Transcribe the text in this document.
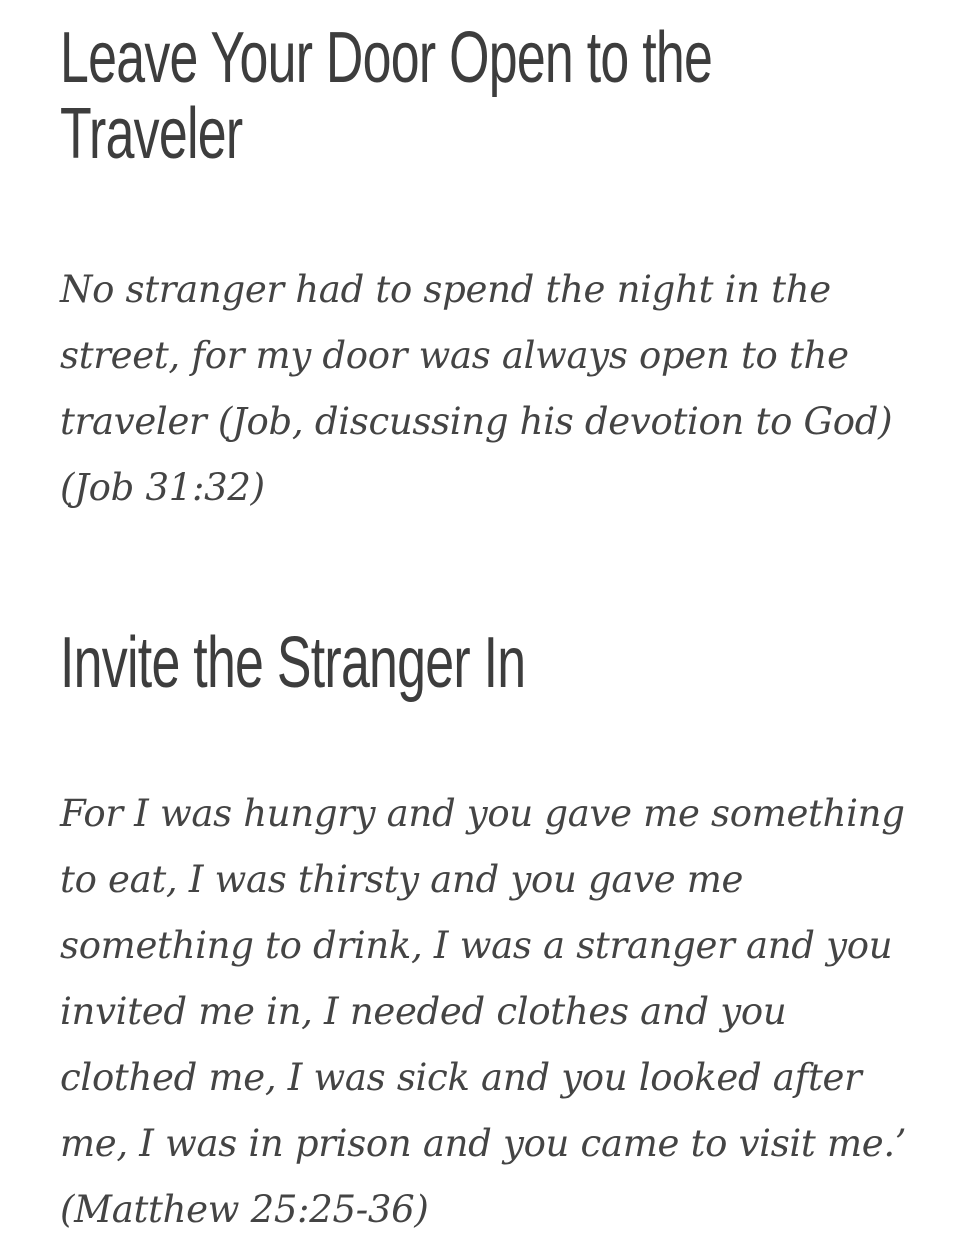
Leave Your Door Open to the
Traveler

No stranger had to spend the night in the
street, for my door was always open to the
traveler (Job, discussing his devotion to God)
(Job 31:32)

Invite the Stranger In

For I was hungry and you gave me something
to eat, I was thirsty and you gave me
something to drink, I was a stranger and you
invited me in, I needed clothes and you
clothed me, I was sick and you looked after
me, I was in prison and you came to visit me.’
(Matthew 25:25-36)
